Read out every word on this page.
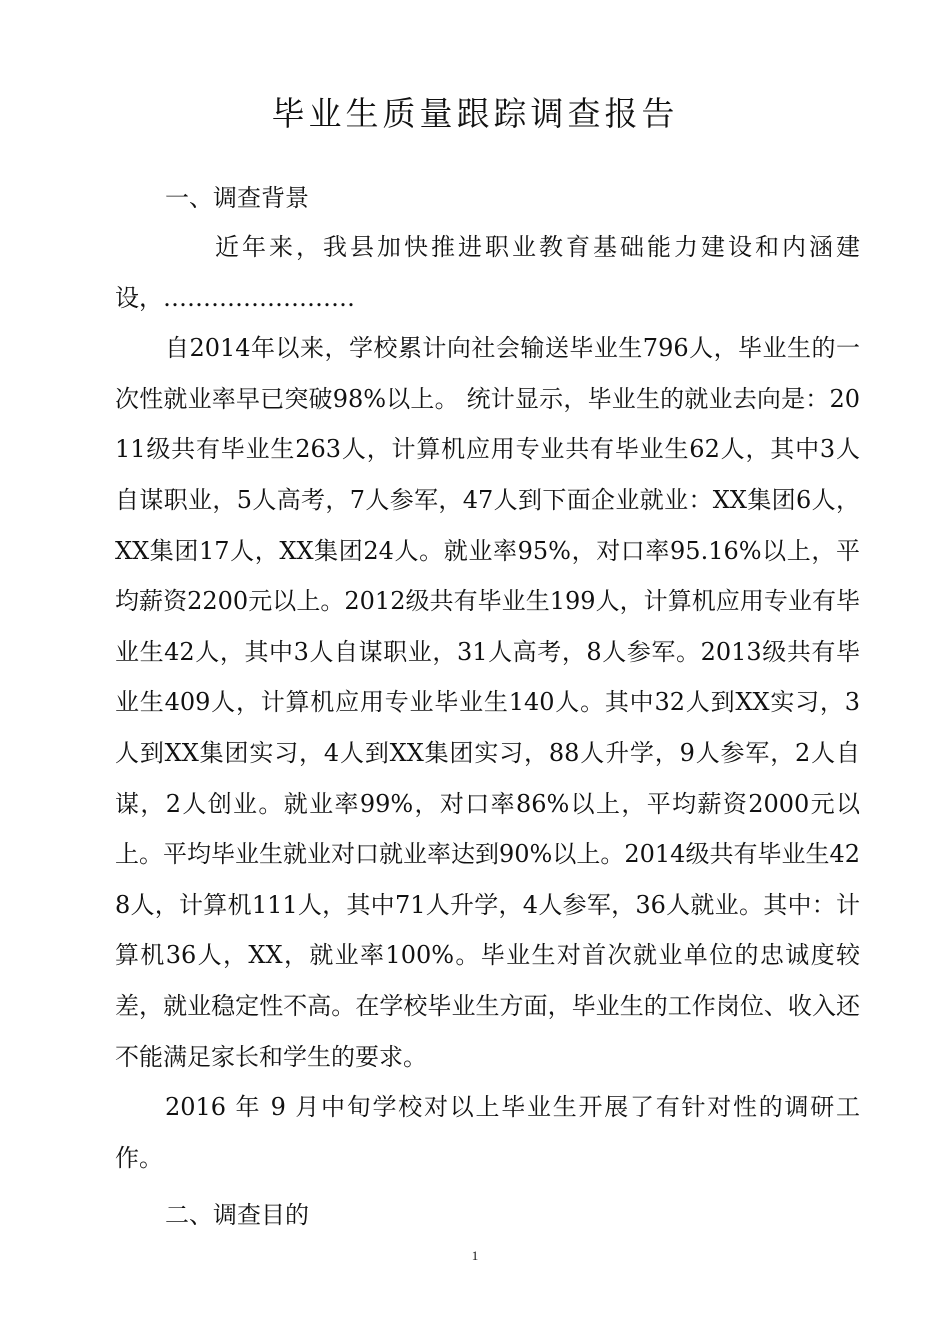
毕业生质量跟踪调查报告

一、调查背景

近年来，我县加快推进职业教育基础能力建设和内涵建设，……………………

自2014年以来，学校累计向社会输送毕业生796人，毕业生的一次性就业率早已突破98%以上。 统计显示，毕业生的就业去向是：2011级共有毕业生263人，计算机应用专业共有毕业生62人，其中3人自谋职业，5人高考，7人参军，47人到下面企业就业：XX集团6人，XX集团17人，XX集团24人。就业率95%，对口率95.16%以上，平均薪资2200元以上。2012级共有毕业生199人，计算机应用专业有毕业生42人，其中3人自谋职业，31人高考，8人参军。2013级共有毕业生409人，计算机应用专业毕业生140人。其中32人到XX实习，3人到XX集团实习，4人到XX集团实习，88人升学，9人参军，2人自谋，2人创业。就业率99%，对口率86%以上，平均薪资2000元以上。平均毕业生就业对口就业率达到90%以上。2014级共有毕业生428人，计算机111人，其中71人升学，4人参军，36人就业。其中：计算机36人，XX，就业率100%。毕业生对首次就业单位的忠诚度较差，就业稳定性不高。在学校毕业生方面，毕业生的工作岗位、收入还不能满足家长和学生的要求。

2016 年 9 月中旬学校对以上毕业生开展了有针对性的调研工作。

二、调查目的

1
